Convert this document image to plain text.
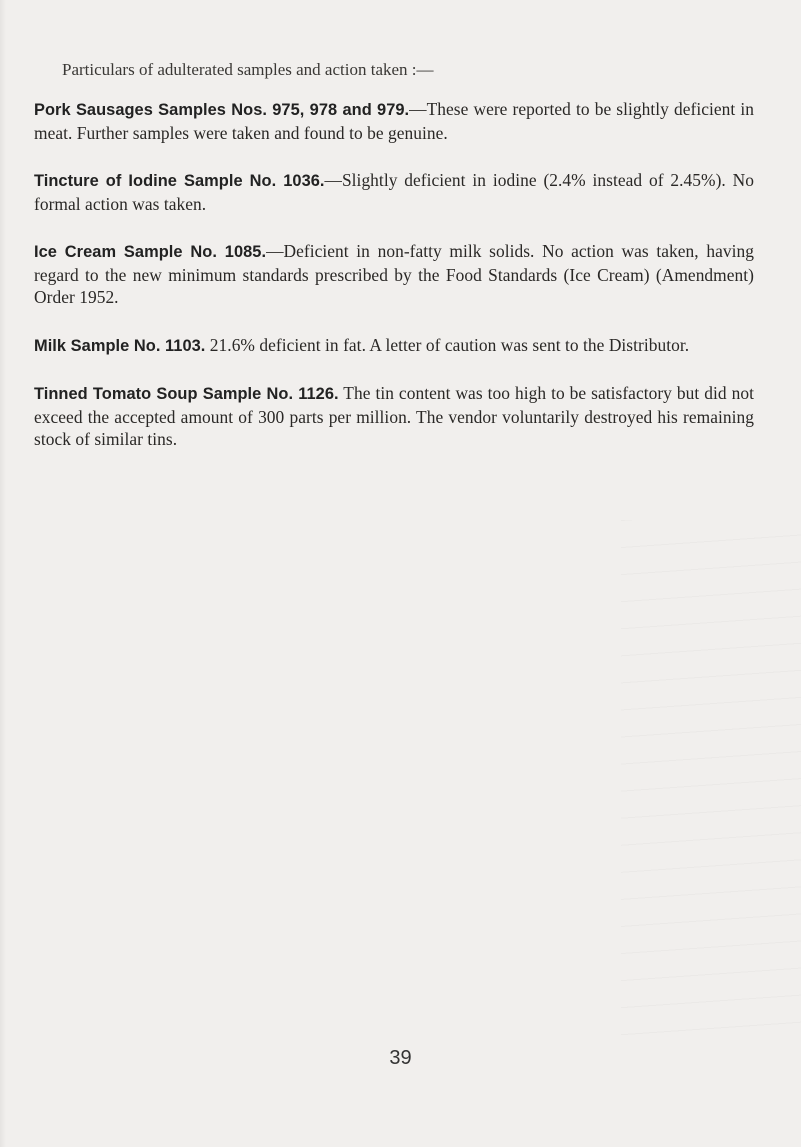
Particulars of adulterated samples and action taken :—

Pork Sausages Samples Nos. 975, 978 and 979.—These were reported to be slightly deficient in meat. Further samples were taken and found to be genuine.

Tincture of Iodine Sample No. 1036.—Slightly deficient in iodine (2.4% instead of 2.45%). No formal action was taken.

Ice Cream Sample No. 1085.—Deficient in non-fatty milk solids. No action was taken, having regard to the new minimum standards prescribed by the Food Standards (Ice Cream) (Amendment) Order 1952.

Milk Sample No. 1103. 21.6% deficient in fat. A letter of caution was sent to the Distributor.

Tinned Tomato Soup Sample No. 1126. The tin content was too high to be satisfactory but did not exceed the accepted amount of 300 parts per million. The vendor voluntarily destroyed his remaining stock of similar tins.

39
